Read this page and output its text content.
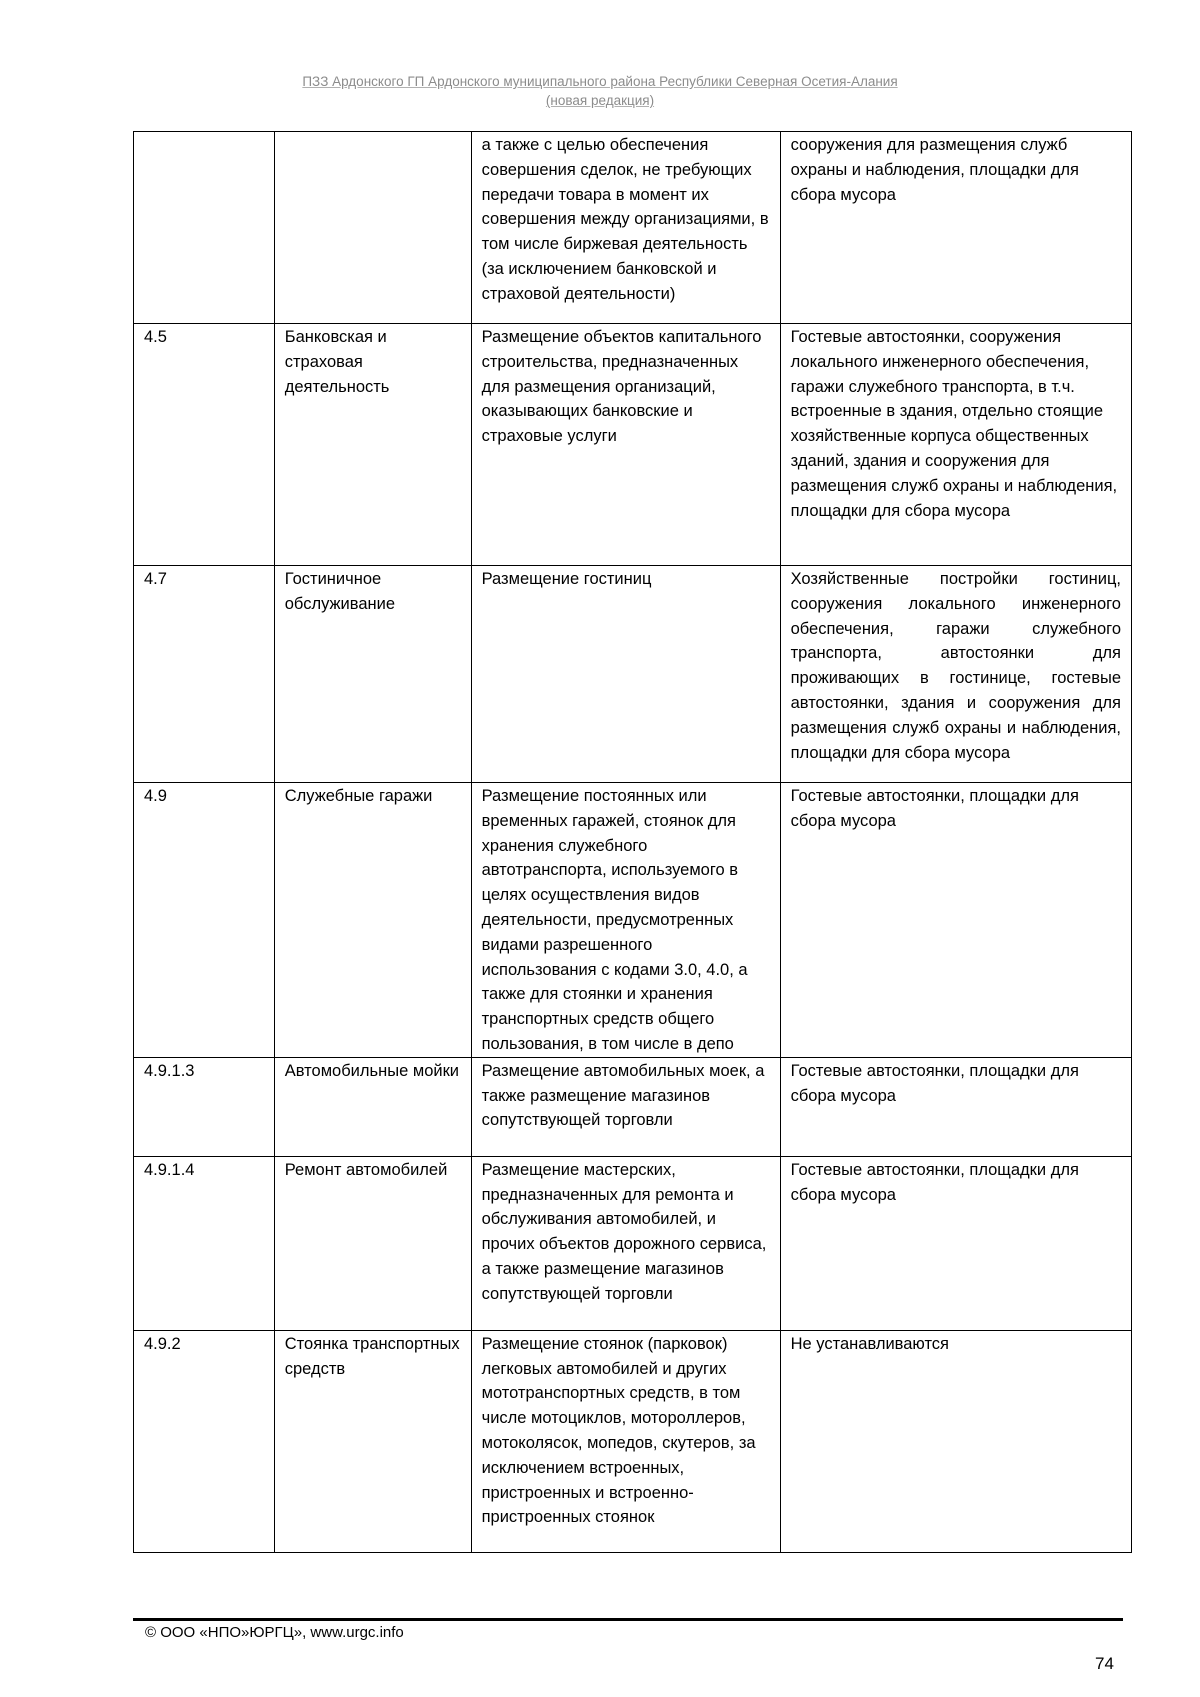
ПЗЗ Ардонского ГП Ардонского муниципального района Республики Северная Осетия-Алания
(новая редакция)
		а также с целью обеспечения совершения сделок, не требующих передачи товара в момент их совершения между организациями, в том числе биржевая деятельность (за исключением банковской и страховой деятельности)	сооружения для размещения служб охраны и наблюдения, площадки для сбора мусора
4.5	Банковская и страховая деятельность	Размещение объектов капитального строительства, предназначенных для размещения организаций, оказывающих банковские и страховые услуги	Гостевые автостоянки, сооружения локального инженерного обеспечения, гаражи служебного транспорта, в т.ч. встроенные в здания, отдельно стоящие хозяйственные корпуса общественных зданий, здания и сооружения для размещения служб охраны и наблюдения, площадки для сбора мусора
4.7	Гостиничное обслуживание	Размещение гостиниц	Хозяйственные постройки гостиниц, сооружения локального инженерного обеспечения, гаражи служебного транспорта, автостоянки для проживающих в гостинице, гостевые автостоянки, здания и сооружения для размещения служб охраны и наблюдения, площадки для сбора мусора
4.9	Служебные гаражи	Размещение постоянных или временных гаражей, стоянок для хранения служебного автотранспорта, используемого в целях осуществления видов деятельности, предусмотренных видами разрешенного использования с кодами 3.0, 4.0, а также для стоянки и хранения транспортных средств общего пользования, в том числе в депо	Гостевые автостоянки, площадки для сбора мусора
4.9.1.3	Автомобильные мойки	Размещение автомобильных моек, а также размещение магазинов сопутствующей торговли	Гостевые автостоянки, площадки для сбора мусора
4.9.1.4	Ремонт автомобилей	Размещение мастерских, предназначенных для ремонта и обслуживания автомобилей, и прочих объектов дорожного сервиса, а также размещение магазинов сопутствующей торговли	Гостевые автостоянки, площадки для сбора мусора
4.9.2	Стоянка транспортных средств	Размещение стоянок (парковок) легковых автомобилей и других мототранспортных средств, в том числе мотоциклов, мотороллеров, мотоколясок, мопедов, скутеров, за исключением встроенных, пристроенных и встроенно-пристроенных стоянок	Не устанавливаются
© ООО «НПО»ЮРГЦ», www.urgc.info
74
